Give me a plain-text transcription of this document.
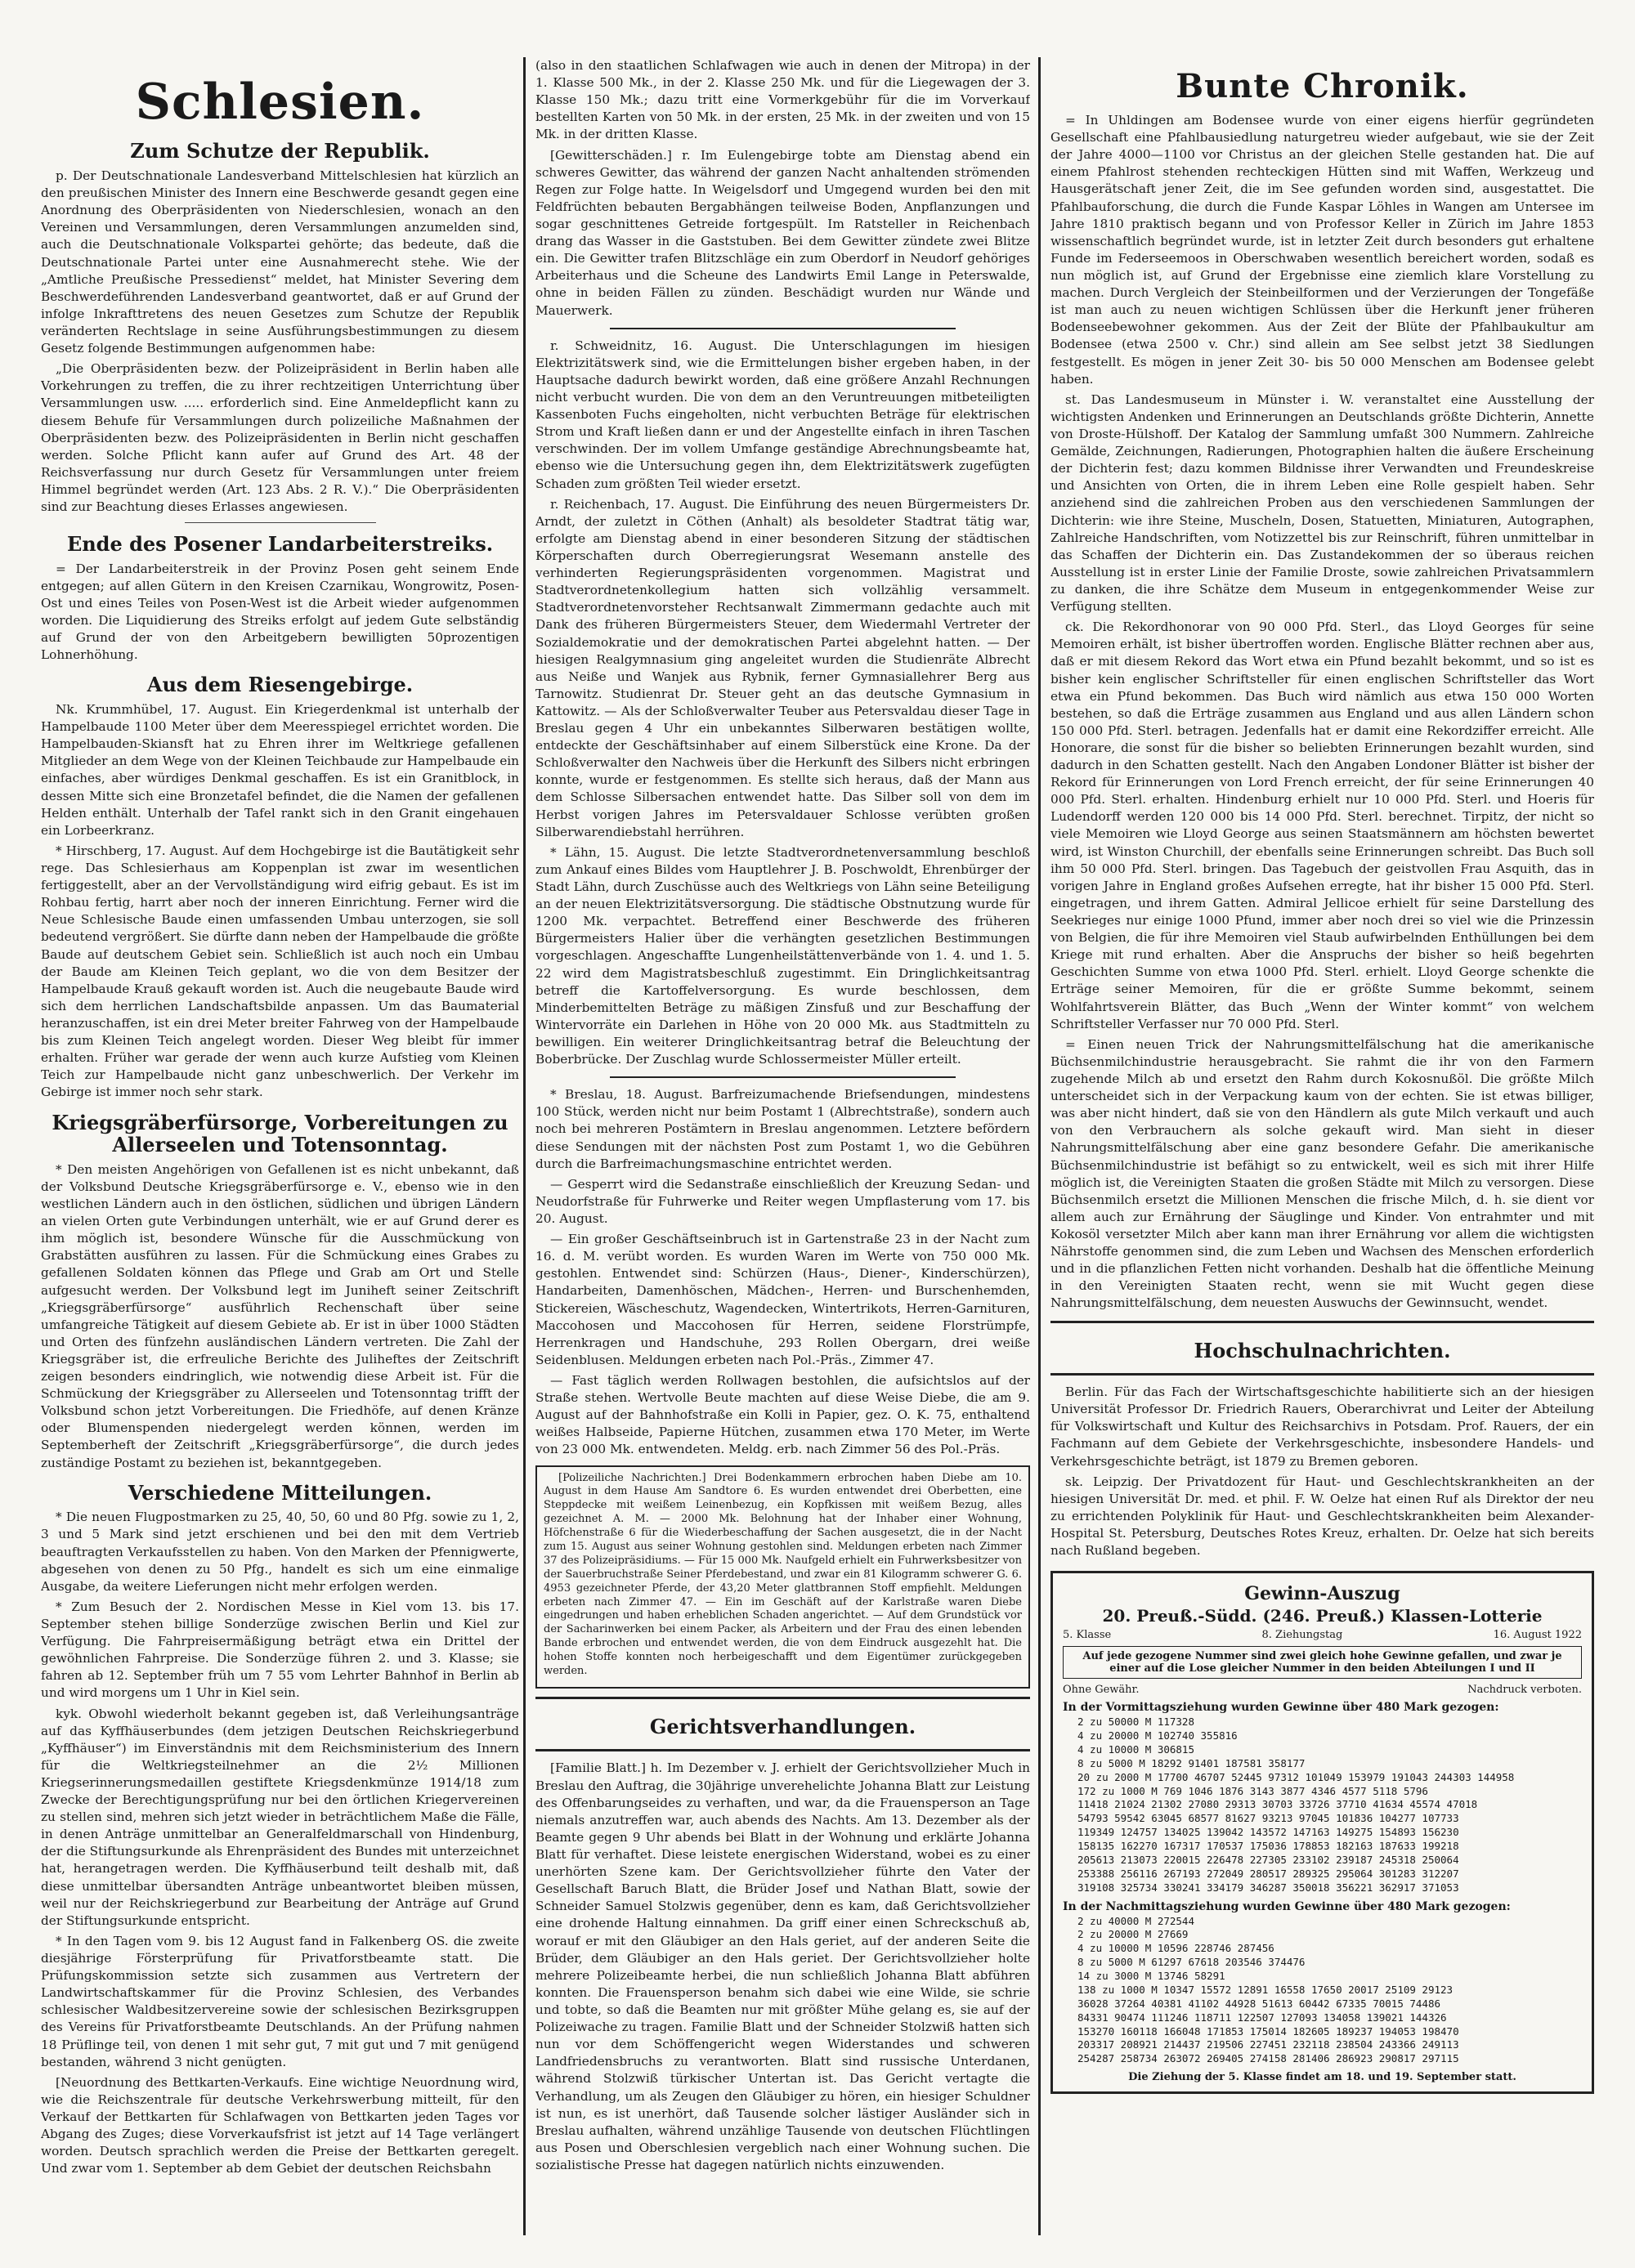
Schlesien.
Zum Schutze der Republik.

p. Der Deutschnationale Landesverband Mittelschlesien hat kürzlich an den preußischen Minister des Innern eine Beschwerde gesandt gegen eine Anordnung des Oberpräsidenten von Niederschlesien, wonach an den Vereinen und Versammlungen, deren Versammlungen anzumelden sind, auch die Deutschnationale Volkspartei gehörte; das bedeute, daß die Deutschnationale Partei unter eine Ausnahmerecht stehe. Wie der „Amtliche Preußische Pressedienst“ meldet, hat Minister Severing dem Beschwerdeführenden Landesverband geantwortet, daß er auf Grund der infolge Inkrafttretens des neuen Gesetzes zum Schutze der Republik veränderten Rechtslage in seine Ausführungsbestimmungen zu diesem Gesetz folgende Bestimmungen aufgenommen habe:

„Die Oberpräsidenten bezw. der Polizeipräsident in Berlin haben alle Vorkehrungen zu treffen, die zu ihrer rechtzeitigen Unterrichtung über Versammlungen usw. ..... erforderlich sind. Eine Anmeldepflicht kann zu diesem Behufe für Versammlungen durch polizeiliche Maßnahmen der Oberpräsidenten bezw. des Polizeipräsidenten in Berlin nicht geschaffen werden. Solche Pflicht kann aufer auf Grund des Art. 48 der Reichsverfassung nur durch Gesetz für Versammlungen unter freiem Himmel begründet werden (Art. 123 Abs. 2 R. V.).“ Die Oberpräsidenten sind zur Beachtung dieses Erlasses angewiesen.

Ende des Posener Landarbeiterstreiks.

= Der Landarbeiterstreik in der Provinz Posen geht seinem Ende entgegen; auf allen Gütern in den Kreisen Czarnikau, Wongrowitz, Posen-Ost und eines Teiles von Posen-West ist die Arbeit wieder aufgenommen worden. Die Liquidierung des Streiks erfolgt auf jedem Gute selbständig auf Grund der von den Arbeitgebern bewilligten 50prozentigen Lohnerhöhung.

Aus dem Riesengebirge.

Nk. Krummhübel, 17. August. Ein Kriegerdenkmal ist unterhalb der Hampelbaude 1100 Meter über dem Meeresspiegel errichtet worden. Die Hampelbauden-Skiansft hat zu Ehren ihrer im Weltkriege gefallenen Mitglieder an dem Wege von der Kleinen Teichbaude zur Hampelbaude ein einfaches, aber würdiges Denkmal geschaffen. Es ist ein Granitblock, in dessen Mitte sich eine Bronzetafel befindet, die die Namen der gefallenen Helden enthält. Unterhalb der Tafel rankt sich in den Granit eingehauen ein Lorbeerkranz.

* Hirschberg, 17. August. Auf dem Hochgebirge ist die Bautätigkeit sehr rege. Das Schlesierhaus am Koppenplan ist zwar im wesentlichen fertiggestellt, aber an der Vervollständigung wird eifrig gebaut. Es ist im Rohbau fertig, harrt aber noch der inneren Einrichtung. Ferner wird die Neue Schlesische Baude einen umfassenden Umbau unterzogen, sie soll bedeutend vergrößert. Sie dürfte dann neben der Hampelbaude die größte Baude auf deutschem Gebiet sein. Schließlich ist auch noch ein Umbau der Baude am Kleinen Teich geplant, wo die von dem Besitzer der Hampelbaude Krauß gekauft worden ist. Auch die neugebaute Baude wird sich dem herrlichen Landschaftsbilde anpassen. Um das Baumaterial heranzuschaffen, ist ein drei Meter breiter Fahrweg von der Hampelbaude bis zum Kleinen Teich angelegt worden. Dieser Weg bleibt für immer erhalten. Früher war gerade der wenn auch kurze Aufstieg vom Kleinen Teich zur Hampelbaude nicht ganz unbeschwerlich. Der Verkehr im Gebirge ist immer noch sehr stark.

Kriegsgräberfürsorge, Vorbereitungen zu Allerseelen und Totensonntag.

* Den meisten Angehörigen von Gefallenen ist es nicht unbekannt, daß der Volksbund Deutsche Kriegsgräberfürsorge e. V., ebenso wie in den westlichen Ländern auch in den östlichen, südlichen und übrigen Ländern an vielen Orten gute Verbindungen unterhält, wie er auf Grund derer es ihm möglich ist, besondere Wünsche für die Ausschmückung von Grabstätten ausführen zu lassen. Für die Schmückung eines Grabes zu gefallenen Soldaten können das Pflege und Grab am Ort und Stelle aufgesucht werden. Der Volksbund legt im Juniheft seiner Zeitschrift „Kriegsgräberfürsorge“ ausführlich Rechenschaft über seine umfangreiche Tätigkeit auf diesem Gebiete ab. Er ist in über 1000 Städten und Orten des fünfzehn ausländischen Ländern vertreten. Die Zahl der Kriegsgräber ist, die erfreuliche Berichte des Juliheftes der Zeitschrift zeigen besonders eindringlich, wie notwendig diese Arbeit ist. Für die Schmückung der Kriegsgräber zu Allerseelen und Totensonntag trifft der Volksbund schon jetzt Vorbereitungen. Die Friedhöfe, auf denen Kränze oder Blumenspenden niedergelegt werden können, werden im Septemberheft der Zeitschrift „Kriegsgräberfürsorge“, die durch jedes zuständige Postamt zu beziehen ist, bekanntgegeben.

Verschiedene Mitteilungen.

* Die neuen Flugpostmarken zu 25, 40, 50, 60 und 80 Pfg. sowie zu 1, 2, 3 und 5 Mark sind jetzt erschienen und bei den mit dem Vertrieb beauftragten Verkaufsstellen zu haben. Von den Marken der Pfennigwerte, abgesehen von denen zu 50 Pfg., handelt es sich um eine einmalige Ausgabe, da weitere Lieferungen nicht mehr erfolgen werden.

* Zum Besuch der 2. Nordischen Messe in Kiel vom 13. bis 17. September stehen billige Sonderzüge zwischen Berlin und Kiel zur Verfügung. Die Fahrpreisermäßigung beträgt etwa ein Drittel der gewöhnlichen Fahrpreise. Die Sonderzüge führen 2. und 3. Klasse; sie fahren ab 12. September früh um 7 55 vom Lehrter Bahnhof in Berlin ab und wird morgens um 1 Uhr in Kiel sein.

kyk. Obwohl wiederholt bekannt gegeben ist, daß Verleihungsanträge auf das Kyffhäuserbundes (dem jetzigen Deutschen Reichskriegerbund „Kyffhäuser“) im Einverständnis mit dem Reichsministerium des Innern für die Weltkriegsteilnehmer an die 2½ Millionen Kriegserinnerungsmedaillen gestiftete Kriegsdenkmünze 1914/18 zum Zwecke der Berechtigungsprüfung nur bei den örtlichen Kriegervereinen zu stellen sind, mehren sich jetzt wieder in beträchtlichem Maße die Fälle, in denen Anträge unmittelbar an Generalfeldmarschall von Hindenburg, der die Stiftungsurkunde als Ehrenpräsident des Bundes mit unterzeichnet hat, herangetragen werden. Die Kyffhäuserbund teilt deshalb mit, daß diese unmittelbar übersandten Anträge unbeantwortet bleiben müssen, weil nur der Reichskriegerbund zur Bearbeitung der Anträge auf Grund der Stiftungsurkunde entspricht.

* In den Tagen vom 9. bis 12 August fand in Falkenberg OS. die zweite diesjährige Försterprüfung für Privatforstbeamte statt. Die Prüfungskommission setzte sich zusammen aus Vertretern der Landwirtschaftskammer für die Provinz Schlesien, des Verbandes schlesischer Waldbesitzervereine sowie der schlesischen Bezirksgruppen des Vereins für Privatforstbeamte Deutschlands. An der Prüfung nahmen 18 Prüflinge teil, von denen 1 mit sehr gut, 7 mit gut und 7 mit genügend bestanden, während 3 nicht genügten.

[Neuordnung des Bettkarten-Verkaufs. Eine wichtige Neuordnung wird, wie die Reichszentrale für deutsche Verkehrswerbung mitteilt, für den Verkauf der Bettkarten für Schlafwagen von Bettkarten jeden Tages vor Abgang des Zuges; diese Vorverkaufsfrist ist jetzt auf 14 Tage verlängert worden. Deutsch sprachlich werden die Preise der Bettkarten geregelt. Und zwar vom 1. September ab dem Gebiet der deutschen Reichsbahn

(also in den staatlichen Schlafwagen wie auch in denen der Mitropa) in der 1. Klasse 500 Mk., in der 2. Klasse 250 Mk. und für die Liegewagen der 3. Klasse 150 Mk.; dazu tritt eine Vormerkgebühr für die im Vorverkauf bestellten Karten von 50 Mk. in der ersten, 25 Mk. in der zweiten und von 15 Mk. in der dritten Klasse.

[Gewitterschäden.] r. Im Eulengebirge tobte am Dienstag abend ein schweres Gewitter, das während der ganzen Nacht anhaltenden strömenden Regen zur Folge hatte. In Weigelsdorf und Umgegend wurden bei den mit Feldfrüchten bebauten Bergabhängen teilweise Boden, Anpflanzungen und sogar geschnittenes Getreide fortgespült. Im Ratsteller in Reichenbach drang das Wasser in die Gaststuben. Bei dem Gewitter zündete zwei Blitze ein. Die Gewitter trafen Blitzschläge ein zum Oberdorf in Neudorf gehöriges Arbeiterhaus und die Scheune des Landwirts Emil Lange in Peterswalde, ohne in beiden Fällen zu zünden. Beschädigt wurden nur Wände und Mauerwerk.

r. Schweidnitz, 16. August. Die Unterschlagungen im hiesigen Elektrizitätswerk sind, wie die Ermittelungen bisher ergeben haben, in der Hauptsache dadurch bewirkt worden, daß eine größere Anzahl Rechnungen nicht verbucht wurden. Die von dem an den Veruntreuungen mitbeteiligten Kassenboten Fuchs eingeholten, nicht verbuchten Beträge für elektrischen Strom und Kraft ließen dann er und der Angestellte einfach in ihren Taschen verschwinden. Der im vollem Umfange geständige Abrechnungsbeamte hat, ebenso wie die Untersuchung gegen ihn, dem Elektrizitätswerk zugefügten Schaden zum größten Teil wieder ersetzt.

r. Reichenbach, 17. August. Die Einführung des neuen Bürgermeisters Dr. Arndt, der zuletzt in Cöthen (Anhalt) als besoldeter Stadtrat tätig war, erfolgte am Dienstag abend in einer besonderen Sitzung der städtischen Körperschaften durch Oberregierungsrat Wesemann anstelle des verhinderten Regierungspräsidenten vorgenommen. Magistrat und Stadtverordnetenkollegium hatten sich vollzählig versammelt. Stadtverordnetenvorsteher Rechtsanwalt Zimmermann gedachte auch mit Dank des früheren Bürgermeisters Steuer, dem Wiedermahl Vertreter der Sozialdemokratie und der demokratischen Partei abgelehnt hatten. — Der hiesigen Realgymnasium ging angeleitet wurden die Studienräte Albrecht aus Neiße und Wanjek aus Rybnik, ferner Gymnasiallehrer Berg aus Tarnowitz. Studienrat Dr. Steuer geht an das deutsche Gymnasium in Kattowitz. — Als der Schloßverwalter Teuber aus Petersvaldau dieser Tage in Breslau gegen 4 Uhr ein unbekanntes Silberwaren bestätigen wollte, entdeckte der Geschäftsinhaber auf einem Silberstück eine Krone. Da der Schloßverwalter den Nachweis über die Herkunft des Silbers nicht erbringen konnte, wurde er festgenommen. Es stellte sich heraus, daß der Mann aus dem Schlosse Silbersachen entwendet hatte. Das Silber soll von dem im Herbst vorigen Jahres im Petersvaldauer Schlosse verübten großen Silberwarendiebstahl herrühren.

* Lähn, 15. August. Die letzte Stadtverordnetenversammlung beschloß zum Ankauf eines Bildes vom Hauptlehrer J. B. Poschwoldt, Ehrenbürger der Stadt Lähn, durch Zuschüsse auch des Weltkriegs von Lähn seine Beteiligung an der neuen Elektrizitätsversorgung. Die städtische Obstnutzung wurde für 1200 Mk. verpachtet. Betreffend einer Beschwerde des früheren Bürgermeisters Halier über die verhängten gesetzlichen Bestimmungen vorgeschlagen. Angeschaffte Lungenheilstättenverbände von 1. 4. und 1. 5. 22 wird dem Magistratsbeschluß zugestimmt. Ein Dringlichkeitsantrag betreff die Kartoffelversorgung. Es wurde beschlossen, dem Minderbemittelten Beträge zu mäßigen Zinsfuß und zur Beschaffung der Wintervorräte ein Darlehen in Höhe von 20 000 Mk. aus Stadtmitteln zu bewilligen. Ein weiterer Dringlichkeitsantrag betraf die Beleuchtung der Boberbrücke. Der Zuschlag wurde Schlossermeister Müller erteilt.

* Breslau, 18. August. Barfreizumachende Briefsendungen, mindestens 100 Stück, werden nicht nur beim Postamt 1 (Albrechtstraße), sondern auch noch bei mehreren Postämtern in Breslau angenommen. Letztere befördern diese Sendungen mit der nächsten Post zum Postamt 1, wo die Gebühren durch die Barfreimachungsmaschine entrichtet werden.

— Gesperrt wird die Sedanstraße einschließlich der Kreuzung Sedan- und Neudorfstraße für Fuhrwerke und Reiter wegen Umpflasterung vom 17. bis 20. August.

— Ein großer Geschäftseinbruch ist in Gartenstraße 23 in der Nacht zum 16. d. M. verübt worden. Es wurden Waren im Werte von 750 000 Mk. gestohlen. Entwendet sind: Schürzen (Haus-, Diener-, Kinderschürzen), Handarbeiten, Damenhöschen, Mädchen-, Herren- und Burschenhemden, Stickereien, Wäscheschutz, Wagendecken, Wintertrikots, Herren-Garnituren, Maccohosen und Maccohosen für Herren, seidene Florstrümpfe, Herrenkragen und Handschuhe, 293 Rollen Obergarn, drei weiße Seidenblusen. Meldungen erbeten nach Pol.-Präs., Zimmer 47.

— Fast täglich werden Rollwagen bestohlen, die aufsichtslos auf der Straße stehen. Wertvolle Beute machten auf diese Weise Diebe, die am 9. August auf der Bahnhofstraße ein Kolli in Papier, gez. O. K. 75, enthaltend weißes Halbseide, Papierne Hütchen, zusammen etwa 170 Meter, im Werte von 23 000 Mk. entwendeten. Meldg. erb. nach Zimmer 56 des Pol.-Präs.

[Polizeiliche Nachrichten.] Drei Bodenkammern erbrochen haben Diebe am 10. August in dem Hause Am Sandtore 6. Es wurden entwendet drei Oberbetten, eine Steppdecke mit weißem Leinenbezug, ein Kopfkissen mit weißem Bezug, alles gezeichnet A. M. — 2000 Mk. Belohnung hat der Inhaber einer Wohnung, Höfchenstraße 6 für die Wiederbeschaffung der Sachen ausgesetzt, die in der Nacht zum 15. August aus seiner Wohnung gestohlen sind. Meldungen erbeten nach Zimmer 37 des Polizeipräsidiums. — Für 15 000 Mk. Naufgeld erhielt ein Fuhrwerksbesitzer von der Sauerbruchstraße Seiner Pferdebestand, und zwar ein 81 Kilogramm schwerer G. 6. 4953 gezeichneter Pferde, der 43,20 Meter glattbrannen Stoff empfiehlt. Meldungen erbeten nach Zimmer 47. — Ein im Geschäft auf der Karlstraße waren Diebe eingedrungen und haben erheblichen Schaden angerichtet. — Auf dem Grundstück vor der Sacharinwerken bei einem Packer, als Arbeitern und der Frau des einen lebenden Bande erbrochen und entwendet werden, die von dem Eindruck ausgezehlt hat. Die hohen Stoffe konnten noch herbeigeschafft und dem Eigentümer zurückgegeben werden.

Gerichtsverhandlungen.

[Familie Blatt.] h. Im Dezember v. J. erhielt der Gerichtsvollzieher Much in Breslau den Auftrag, die 30jährige unverehelichte Johanna Blatt zur Leistung des Offenbarungseides zu verhaften, und war, da die Frauensperson an Tage niemals anzutreffen war, auch abends des Nachts. Am 13. Dezember als der Beamte gegen 9 Uhr abends bei Blatt in der Wohnung und erklärte Johanna Blatt für verhaftet. Diese leistete energischen Widerstand, wobei es zu einer unerhörten Szene kam. Der Gerichtsvollzieher führte den Vater der Gesellschaft Baruch Blatt, die Brüder Josef und Nathan Blatt, sowie der Schneider Samuel Stolzwis gegenüber, denn es kam, daß Gerichtsvollzieher eine drohende Haltung einnahmen. Da griff einer einen Schreckschuß ab, worauf er mit den Gläubiger an den Hals geriet, auf der anderen Seite die Brüder, dem Gläubiger an den Hals geriet. Der Gerichtsvollzieher holte mehrere Polizeibeamte herbei, die nun schließlich Johanna Blatt abführen konnten. Die Frauensperson benahm sich dabei wie eine Wilde, sie schrie und tobte, so daß die Beamten nur mit größter Mühe gelang es, sie auf der Polizeiwache zu tragen. Familie Blatt und der Schneider Stolzwiß hatten sich nun vor dem Schöffengericht wegen Widerstandes und schweren Landfriedensbruchs zu verantworten. Blatt sind russische Unterdanen, während Stolzwiß türkischer Untertan ist. Das Gericht vertagte die Verhandlung, um als Zeugen den Gläubiger zu hören, ein hiesiger Schuldner ist nun, es ist unerhört, daß Tausende solcher lästiger Ausländer sich in Breslau aufhalten, während unzählige Tausende von deutschen Flüchtlingen aus Posen und Oberschlesien vergeblich nach einer Wohnung suchen. Die sozialistische Presse hat dagegen natürlich nichts einzuwenden.

Bunte Chronik.

= In Uhldingen am Bodensee wurde von einer eigens hierfür gegründeten Gesellschaft eine Pfahlbausiedlung naturgetreu wieder aufgebaut, wie sie der Zeit der Jahre 4000—1100 vor Christus an der gleichen Stelle gestanden hat. Die auf einem Pfahlrost stehenden rechteckigen Hütten sind mit Waffen, Werkzeug und Hausgerätschaft jener Zeit, die im See gefunden worden sind, ausgestattet. Die Pfahlbauforschung, die durch die Funde Kaspar Löhles in Wangen am Untersee im Jahre 1810 praktisch begann und von Professor Keller in Zürich im Jahre 1853 wissenschaftlich begründet wurde, ist in letzter Zeit durch besonders gut erhaltene Funde im Federseemoos in Oberschwaben wesentlich bereichert worden, sodaß es nun möglich ist, auf Grund der Ergebnisse eine ziemlich klare Vorstellung zu machen. Durch Vergleich der Steinbeilformen und der Verzierungen der Tongefäße ist man auch zu neuen wichtigen Schlüssen über die Herkunft jener früheren Bodenseebewohner gekommen. Aus der Zeit der Blüte der Pfahlbaukultur am Bodensee (etwa 2500 v. Chr.) sind allein am See selbst jetzt 38 Siedlungen festgestellt. Es mögen in jener Zeit 30- bis 50 000 Menschen am Bodensee gelebt haben.

st. Das Landesmuseum in Münster i. W. veranstaltet eine Ausstellung der wichtigsten Andenken und Erinnerungen an Deutschlands größte Dichterin, Annette von Droste-Hülshoff. Der Katalog der Sammlung umfaßt 300 Nummern. Zahlreiche Gemälde, Zeichnungen, Radierungen, Photographien halten die äußere Erscheinung der Dichterin fest; dazu kommen Bildnisse ihrer Verwandten und Freundeskreise und Ansichten von Orten, die in ihrem Leben eine Rolle gespielt haben. Sehr anziehend sind die zahlreichen Proben aus den verschiedenen Sammlungen der Dichterin: wie ihre Steine, Muscheln, Dosen, Statuetten, Miniaturen, Autographen, Zahlreiche Handschriften, vom Notizzettel bis zur Reinschrift, führen unmittelbar in das Schaffen der Dichterin ein. Das Zustandekommen der so überaus reichen Ausstellung ist in erster Linie der Familie Droste, sowie zahlreichen Privatsammlern zu danken, die ihre Schätze dem Museum in entgegenkommender Weise zur Verfügung stellten.

ck. Die Rekordhonorar von 90 000 Pfd. Sterl., das Lloyd Georges für seine Memoiren erhält, ist bisher übertroffen worden. Englische Blätter rechnen aber aus, daß er mit diesem Rekord das Wort etwa ein Pfund bezahlt bekommt, und so ist es bisher kein englischer Schriftsteller für einen englischen Schriftsteller das Wort etwa ein Pfund bekommen. Das Buch wird nämlich aus etwa 150 000 Worten bestehen, so daß die Erträge zusammen aus England und aus allen Ländern schon 150 000 Pfd. Sterl. betragen. Jedenfalls hat er damit eine Rekordziffer erreicht. Alle Honorare, die sonst für die bisher so beliebten Erinnerungen bezahlt wurden, sind dadurch in den Schatten gestellt. Nach den Angaben Londoner Blätter ist bisher der Rekord für Erinnerungen von Lord French erreicht, der für seine Erinnerungen 40 000 Pfd. Sterl. erhalten. Hindenburg erhielt nur 10 000 Pfd. Sterl. und Hoeris für Ludendorff werden 120 000 bis 14 000 Pfd. Sterl. berechnet. Tirpitz, der nicht so viele Memoiren wie Lloyd George aus seinen Staatsmännern am höchsten bewertet wird, ist Winston Churchill, der ebenfalls seine Erinnerungen schreibt. Das Buch soll ihm 50 000 Pfd. Sterl. bringen. Das Tagebuch der geistvollen Frau Asquith, das in vorigen Jahre in England großes Aufsehen erregte, hat ihr bisher 15 000 Pfd. Sterl. eingetragen, und ihrem Gatten. Admiral Jellicoe erhielt für seine Darstellung des Seekrieges nur einige 1000 Pfund, immer aber noch drei so viel wie die Prinzessin von Belgien, die für ihre Memoiren viel Staub aufwirbelnden Enthüllungen bei dem Kriege mit rund erhalten. Aber die Anspruchs der bisher so heiß begehrten Geschichten Summe von etwa 1000 Pfd. Sterl. erhielt. Lloyd George schenkte die Erträge seiner Memoiren, für die er größte Summe bekommt, seinem Wohlfahrtsverein Blätter, das Buch „Wenn der Winter kommt“ von welchem Schriftsteller Verfasser nur 70 000 Pfd. Sterl.

= Einen neuen Trick der Nahrungsmittelfälschung hat die amerikanische Büchsenmilchindustrie herausgebracht. Sie rahmt die ihr von den Farmern zugehende Milch ab und ersetzt den Rahm durch Kokosnußöl. Die größte Milch unterscheidet sich in der Verpackung kaum von der echten. Sie ist etwas billiger, was aber nicht hindert, daß sie von den Händlern als gute Milch verkauft und auch von den Verbrauchern als solche gekauft wird. Man sieht in dieser Nahrungsmittelfälschung aber eine ganz besondere Gefahr. Die amerikanische Büchsenmilchindustrie ist befähigt so zu entwickelt, weil es sich mit ihrer Hilfe möglich ist, die Vereinigten Staaten die großen Städte mit Milch zu versorgen. Diese Büchsenmilch ersetzt die Millionen Menschen die frische Milch, d. h. sie dient vor allem auch zur Ernährung der Säuglinge und Kinder. Von entrahmter und mit Kokosöl versetzter Milch aber kann man ihrer Ernährung vor allem die wichtigsten Nährstoffe genommen sind, die zum Leben und Wachsen des Menschen erforderlich und in die pflanzlichen Fetten nicht vorhanden. Deshalb hat die öffentliche Meinung in den Vereinigten Staaten recht, wenn sie mit Wucht gegen diese Nahrungsmittelfälschung, dem neuesten Auswuchs der Gewinnsucht, wendet.

Hochschulnachrichten.

Berlin. Für das Fach der Wirtschaftsgeschichte habilitierte sich an der hiesigen Universität Professor Dr. Friedrich Rauers, Oberarchivrat und Leiter der Abteilung für Volkswirtschaft und Kultur des Reichsarchivs in Potsdam. Prof. Rauers, der ein Fachmann auf dem Gebiete der Verkehrsgeschichte, insbesondere Handels- und Verkehrsgeschichte beträgt, ist 1879 zu Bremen geboren.

sk. Leipzig. Der Privatdozent für Haut- und Geschlechtskrankheiten an der hiesigen Universität Dr. med. et phil. F. W. Oelze hat einen Ruf als Direktor der neu zu errichtenden Polyklinik für Haut- und Geschlechtskrankheiten beim Alexander-Hospital St. Petersburg, Deutsches Rotes Kreuz, erhalten. Dr. Oelze hat sich bereits nach Rußland begeben.

Gewinn-Auszug
20. Preuß.-Südd. (246. Preuß.) Klassen-Lotterie
5. Klasse	8. Ziehungstag	16. August 1922
Auf jede gezogene Nummer sind zwei gleich hohe Gewinne gefallen, und zwar je einer auf die Lose gleicher Nummer in den beiden Abteilungen I und II
Ohne Gewähr.	Nachdruck verboten.
In der Vormittagsziehung wurden Gewinne über 480 Mark gezogen:

2 zu 50000 M 117328

4 zu 20000 M 102740 355816

4 zu 10000 M 306815

8 zu 5000 M 18292 91401 187581 358177

20 zu 2000 M 17700 46707 52445 97312 101049 153979 191043 244303 144958

172 zu 1000 M 769 1046 1876 3143 3877 4346 4577 5118 5796

11418 21024 21302 27080 29313 30703 33726 37710 41634 45574 47018

54793 59542 63045 68577 81627 93213 97045 101836 104277 107733

119349 124757 134025 139042 143572 147163 149275 154893 156230

158135 162270 167317 170537 175036 178853 182163 187633 199218

205613 213073 220015 226478 227305 233102 239187 245318 250064

253388 256116 267193 272049 280517 289325 295064 301283 312207

319108 325734 330241 334179 346287 350018 356221 362917 371053

In der Nachmittagsziehung wurden Gewinne über 480 Mark gezogen:

2 zu 40000 M 272544

2 zu 20000 M 27669

4 zu 10000 M 10596 228746 287456

8 zu 5000 M 61297 67618 203546 374476

14 zu 3000 M 13746 58291

138 zu 1000 M 10347 15572 12891 16558 17650 20017 25109 29123

36028 37264 40381 41102 44928 51613 60442 67335 70015 74486

84331 90474 111246 118711 122507 127093 134058 139021 144326

153270 160118 166048 171853 175014 182605 189237 194053 198470

203317 208921 214437 219506 227451 232118 238504 243366 249113

254287 258734 263072 269405 274158 281406 286923 290817 297115

Die Ziehung der 5. Klasse findet am 18. und 19. September statt.
